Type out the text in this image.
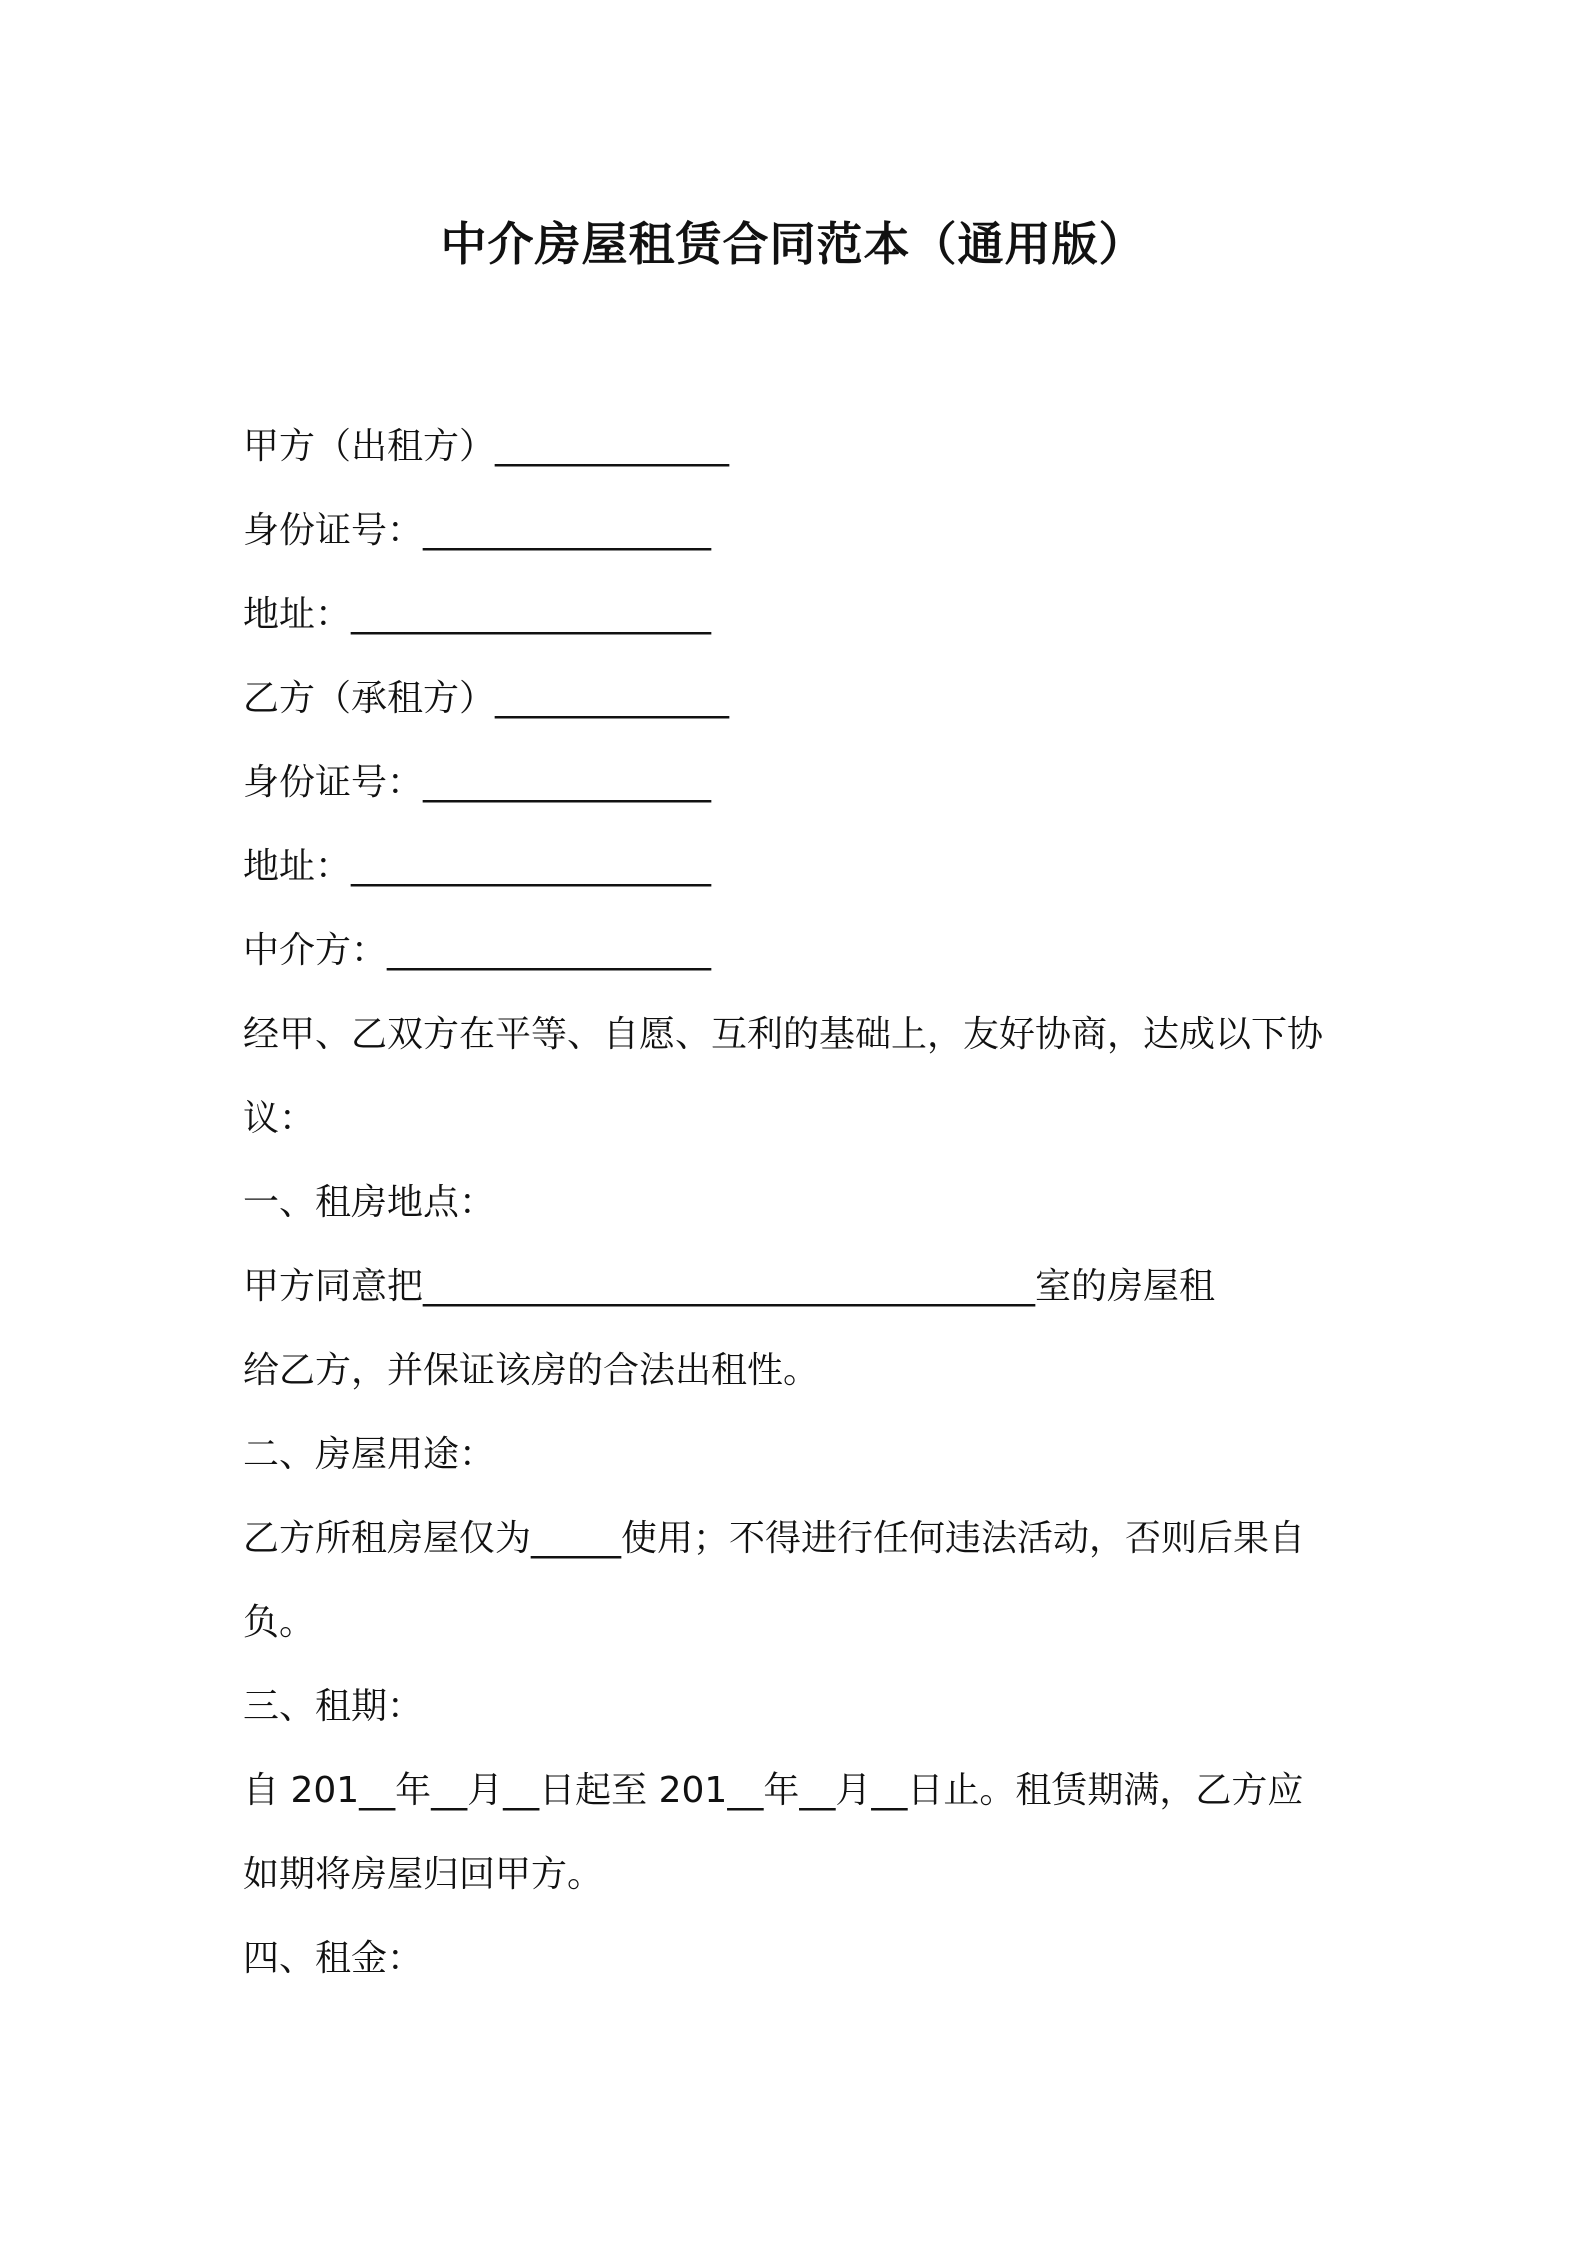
中介房屋租赁合同范本（通用版）
甲方（出租方）_____________
身份证号：________________
地址：____________________
乙方（承租方）_____________
身份证号：________________
地址：____________________
中介方：__________________
经甲、乙双方在平等、自愿、互利的基础上，友好协商，达成以下协
议：
一、租房地点：
甲方同意把__________________________________室的房屋租
给乙方，并保证该房的合法出租性。
二、房屋用途：
乙方所租房屋仅为_____使用；不得进行任何违法活动，否则后果自
负。
三、租期：
自 201__年__月__日起至 201__年__月__日止。租赁期满，乙方应
如期将房屋归回甲方。
四、租金：
